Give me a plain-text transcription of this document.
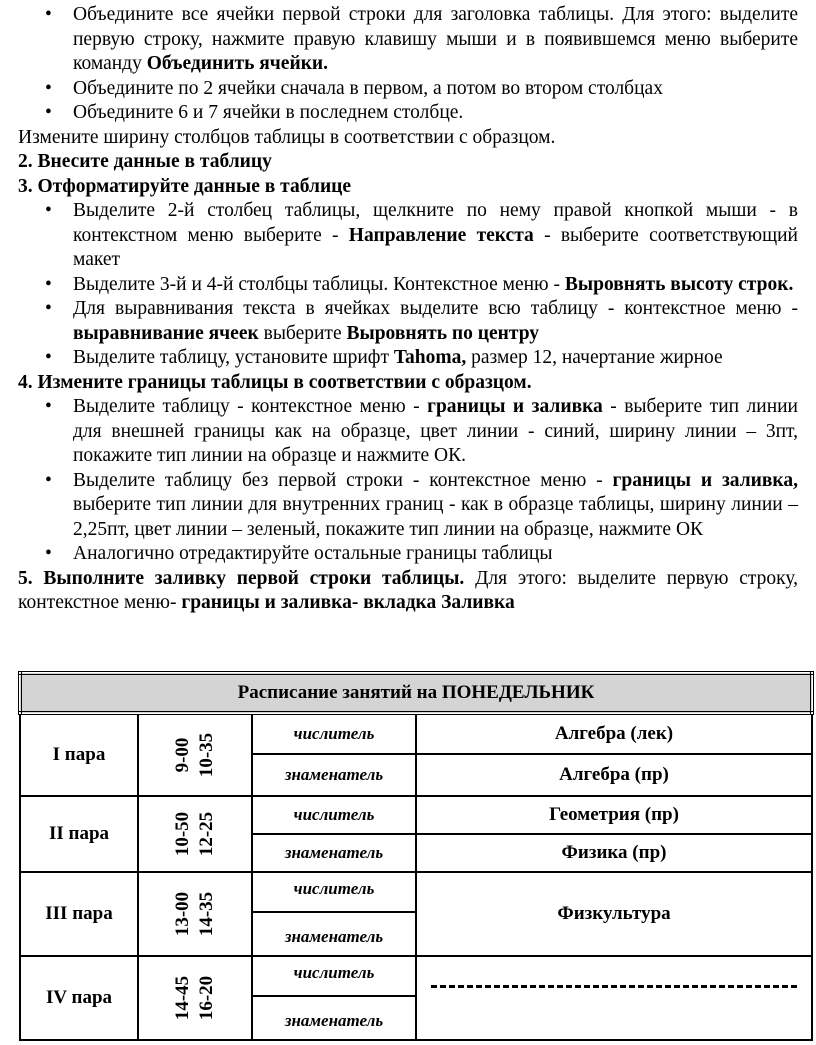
• Объедините все ячейки первой строки для заголовка таблицы. Для этого: выделите первую строку, нажмите правую клавишу мыши и в появившемся меню выберите команду Объединить ячейки.

• Объедините по 2 ячейки сначала в первом, а потом во втором столбцах

• Объедините 6 и 7 ячейки в последнем столбце.

Измените ширину столбцов таблицы в соответствии с образцом.

2. Внесите данные в таблицу

3. Отформатируйте данные в таблице

• Выделите 2-й столбец таблицы, щелкните по нему правой кнопкой мыши - в контекстном меню выберите - Направление текста - выберите соответствующий макет

• Выделите 3-й и 4-й столбцы таблицы. Контекстное меню - Выровнять высоту строк.

• Для выравнивания текста в ячейках выделите всю таблицу - контекстное меню - выравнивание ячеек выберите Выровнять по центру

• Выделите таблицу, установите шрифт Tahoma, размер 12, начертание жирное

4. Измените границы таблицы в соответствии с образцом.

• Выделите таблицу - контекстное меню - границы и заливка - выберите тип линии для внешней границы как на образце, цвет линии - синий, ширину линии – 3пт, покажите тип линии на образце и нажмите ОК.

• Выделите таблицу без первой строки - контекстное меню - границы и заливка, выберите тип линии для внутренних границ - как в образце таблицы, ширину линии – 2,25пт, цвет линии – зеленый, покажите тип линии на образце, нажмите ОК

• Аналогично отредактируйте остальные границы таблицы

5. Выполните заливку первой строки таблицы. Для этого: выделите первую строку, контекстное меню- границы и заливка- вкладка Заливка

Расписание занятий на ПОНЕДЕЛЬНИК			
I пара	9-00 10-35	числитель	Алгебра (лек)
		знаменатель	Алгебра (пр)
II пара	10-50 12-25	числитель	Геометрия (пр)
		знаменатель	Физика (пр)
III пара	13-00 14-35	числитель	Физкультура
		знаменатель	
IV пара	14-45 16-20	числитель	

		знаменатель	
